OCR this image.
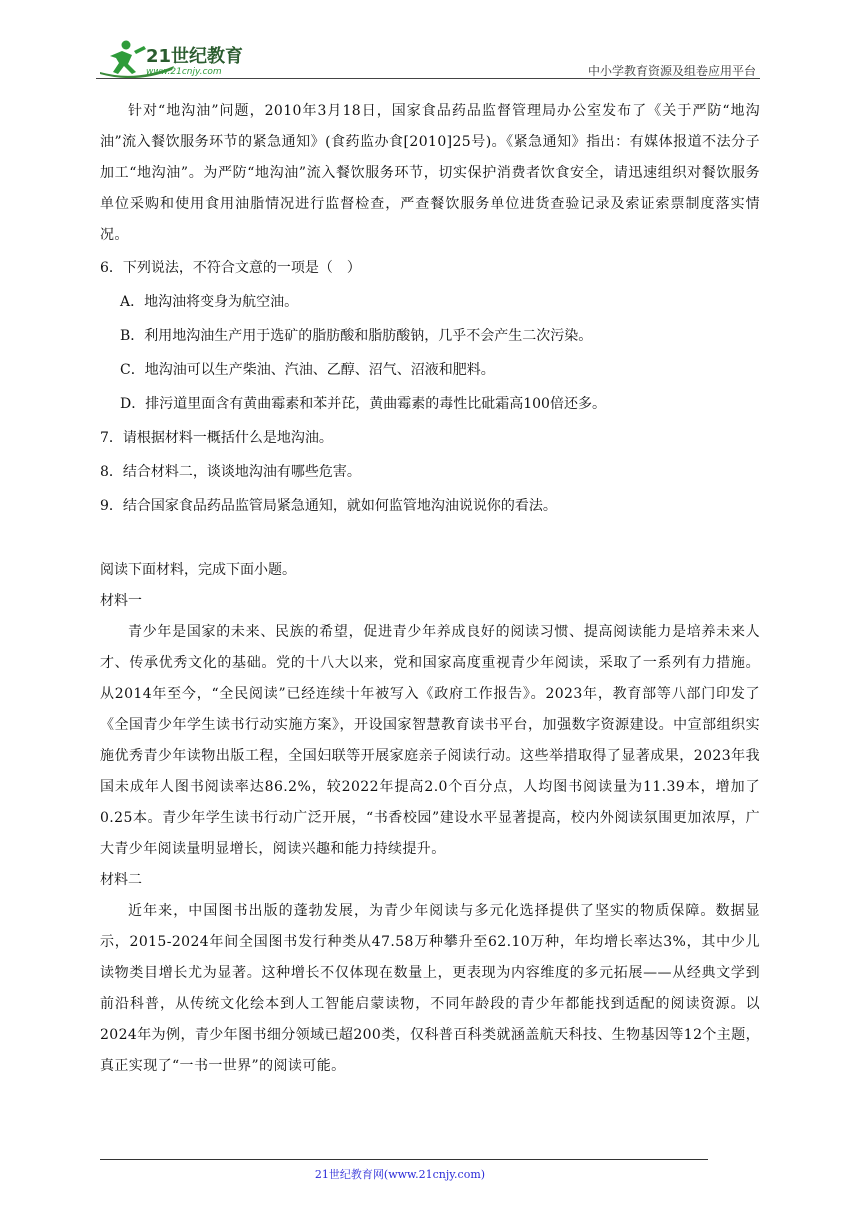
21世纪教育
www.21cnjy.com	中小学教育资源及组卷应用平台

针对“地沟油”问题，2010年3月18日，国家食品药品监督管理局办公室发布了《关于严防“地沟油”流入餐饮服务环节的紧急通知》(食药监办食[2010]25号)。《紧急通知》指出：有媒体报道不法分子加工“地沟油”。为严防“地沟油”流入餐饮服务环节，切实保护消费者饮食安全，请迅速组织对餐饮服务单位采购和使用食用油脂情况进行监督检查，严查餐饮服务单位进货查验记录及索证索票制度落实情况。

6．下列说法，不符合文意的一项是（　）

A．地沟油将变身为航空油。

B．利用地沟油生产用于选矿的脂肪酸和脂肪酸钠，几乎不会产生二次污染。

C．地沟油可以生产柴油、汽油、乙醇、沼气、沼液和肥料。

D．排污道里面含有黄曲霉素和苯并芘，黄曲霉素的毒性比砒霜高100倍还多。

7．请根据材料一概括什么是地沟油。

8．结合材料二，谈谈地沟油有哪些危害。

9．结合国家食品药品监管局紧急通知，就如何监管地沟油说说你的看法。

阅读下面材料，完成下面小题。

材料一

青少年是国家的未来、民族的希望，促进青少年养成良好的阅读习惯、提高阅读能力是培养未来人才、传承优秀文化的基础。党的十八大以来，党和国家高度重视青少年阅读，采取了一系列有力措施。从2014年至今，“全民阅读”已经连续十年被写入《政府工作报告》。2023年，教育部等八部门印发了《全国青少年学生读书行动实施方案》，开设国家智慧教育读书平台，加强数字资源建设。中宣部组织实施优秀青少年读物出版工程，全国妇联等开展家庭亲子阅读行动。这些举措取得了显著成果，2023年我国未成年人图书阅读率达86.2%，较2022年提高2.0个百分点，人均图书阅读量为11.39本，增加了0.25本。青少年学生读书行动广泛开展，“书香校园”建设水平显著提高，校内外阅读氛围更加浓厚，广大青少年阅读量明显增长，阅读兴趣和能力持续提升。

材料二

近年来，中国图书出版的蓬勃发展，为青少年阅读与多元化选择提供了坚实的物质保障。数据显示，2015-2024年间全国图书发行种类从47.58万种攀升至62.10万种，年均增长率达3%，其中少儿读物类目增长尤为显著。这种增长不仅体现在数量上，更表现为内容维度的多元拓展——从经典文学到前沿科普，从传统文化绘本到人工智能启蒙读物，不同年龄段的青少年都能找到适配的阅读资源。以2024年为例，青少年图书细分领域已超200类，仅科普百科类就涵盖航天科技、生物基因等12个主题，真正实现了“一书一世界”的阅读可能。

21世纪教育网(www.21cnjy.com)
